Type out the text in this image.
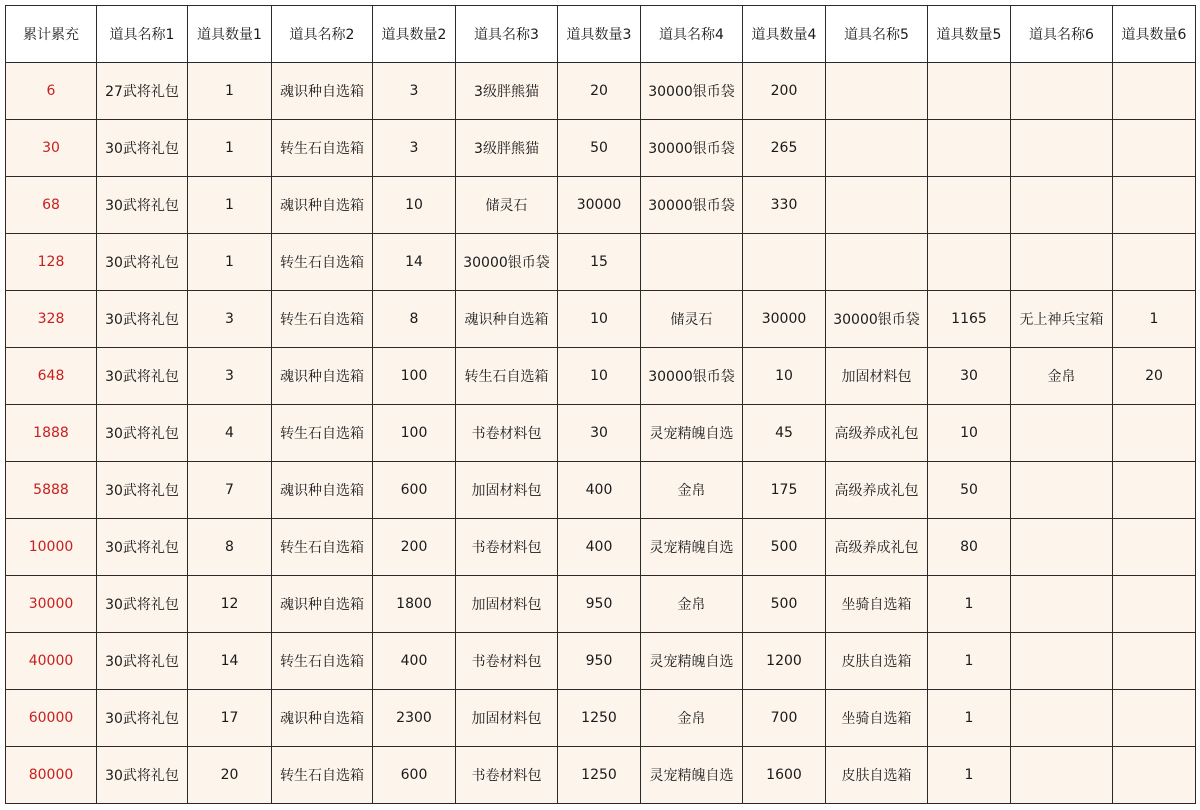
累计累充	道具名称1	道具数量1	道具名称2	道具数量2	道具名称3	道具数量3	道具名称4	道具数量4	道具名称5	道具数量5	道具名称6	道具数量6
6	27武将礼包	1	魂识种自选箱	3	3级胖熊猫	20	30000银币袋	200				
30	30武将礼包	1	转生石自选箱	3	3级胖熊猫	50	30000银币袋	265				
68	30武将礼包	1	魂识种自选箱	10	储灵石	30000	30000银币袋	330				
128	30武将礼包	1	转生石自选箱	14	30000银币袋	15						
328	30武将礼包	3	转生石自选箱	8	魂识种自选箱	10	储灵石	30000	30000银币袋	1165	无上神兵宝箱	1
648	30武将礼包	3	魂识种自选箱	100	转生石自选箱	10	30000银币袋	10	加固材料包	30	金帛	20
1888	30武将礼包	4	转生石自选箱	100	书卷材料包	30	灵宠精魄自选	45	高级养成礼包	10		
5888	30武将礼包	7	魂识种自选箱	600	加固材料包	400	金帛	175	高级养成礼包	50		
10000	30武将礼包	8	转生石自选箱	200	书卷材料包	400	灵宠精魄自选	500	高级养成礼包	80		
30000	30武将礼包	12	魂识种自选箱	1800	加固材料包	950	金帛	500	坐骑自选箱	1		
40000	30武将礼包	14	转生石自选箱	400	书卷材料包	950	灵宠精魄自选	1200	皮肤自选箱	1		
60000	30武将礼包	17	魂识种自选箱	2300	加固材料包	1250	金帛	700	坐骑自选箱	1		
80000	30武将礼包	20	转生石自选箱	600	书卷材料包	1250	灵宠精魄自选	1600	皮肤自选箱	1		
